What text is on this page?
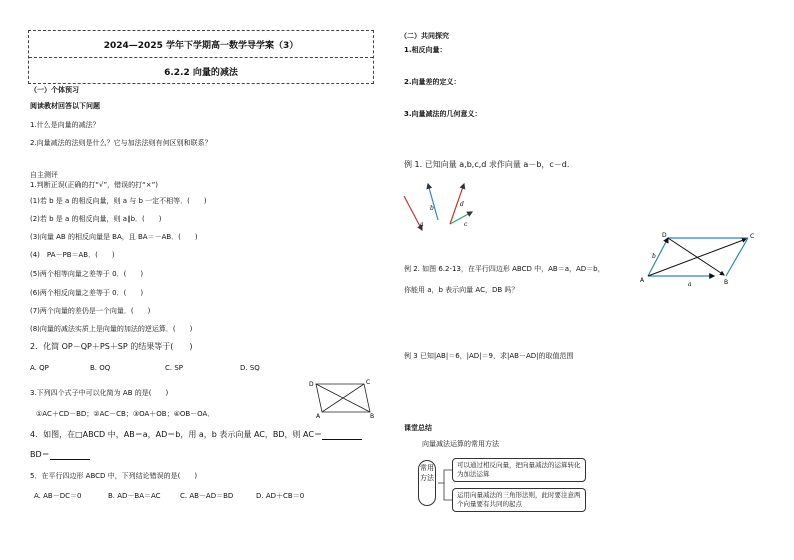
2024—2025 学年下学期高一数学导学案（3）
6.2.2 向量的减法
（一）个体预习
阅读教材回答以下问题
1.什么是向量的减法？
2.向量减法的法则是什么？它与加法法则有何区别和联系？
自主测评
1.判断正误(正确的打“√”，错误的打“×”)
(1)若 b 是 a 的相反向量，则 a 与 b 一定不相等．(　　)
(2)若 b 是 a 的相反向量，则 a∥b．(　　)
(3)向量 AB 的相反向量是 BA，且 BA＝－AB．(　　)
(4)　PA－PB＝AB．(　　)
(5)两个相等向量之差等于 0．(　　)
(6)两个相反向量之差等于 0．(　　)
(7)两个向量的差仍是一个向量．(　　)
(8)向量的减法实质上是向量的加法的逆运算．(　　)
2．化简 OP－QP＋PS＋SP 的结果等于(　　)
A. QP	B. OQ	C. SP	D. SQ
3.下列四个式子中可以化简为 AB 的是(　　)
①AC＋CD－BD；②AC－CB；③OA＋OB；④OB－OA．
D	C
A	B
4．如图，在□ABCD 中，AB＝a，AD＝b，用 a，b 表示向量 AC，BD，则 AC＝
BD＝
5．在平行四边形 ABCD 中，下列结论错误的是(　　)
A. AB－DC＝0	B. AD－BA＝AC	C. AB－AD＝BD	D. AD＋CB＝0
（二）共同探究
1.相反向量：
2.向量差的定义：
3.向量减法的几何意义：
例 1. 已知向量 a,b,c,d 求作向量 a－b，c－d．
a
b
c
d
例 2. 如图 6.2-13，在平行四边形 ABCD 中，AB＝a，AD＝b，
你能用 a，b 表示向量 AC，DB 吗？
D	C
A	B
a
b
例 3 已知|AB|＝6，|AD|＝9，求|AB－AD|的取值范围
课堂总结
向量减法运算的常用方法
常用方法
可以通过相反向量，把向量减法的运算转化为加法运算
运用向量减法的三角形法则，此时要注意两个向量要有共同的起点
